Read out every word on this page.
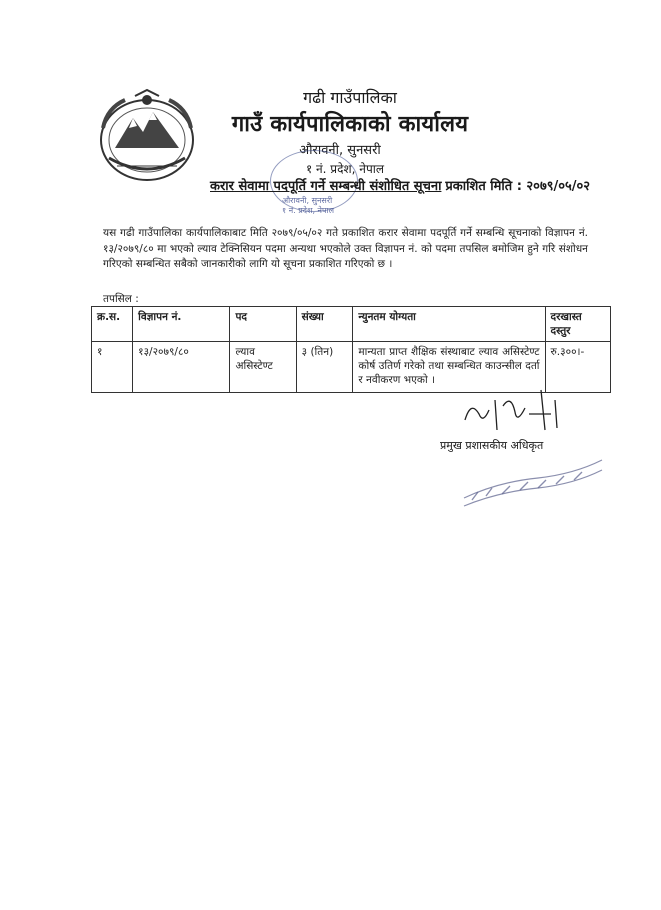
गढी गाउँपालिका
गाउँ कार्यपालिकाको कार्यालय
औरावनी, सुनसरी
१ नं. प्रदेश, नेपाल
औरावनी, सुनसरी
१ नं. प्रदेश, नेपाल
करार सेवामा पदपूर्ति गर्ने सम्बन्धी संशोधित सूचना प्रकाशित मिति : २०७९/०५/०२
यस गढी गाउँपालिका कार्यपालिकाबाट मिति २०७९/०५/०२ गते प्रकाशित करार सेवामा पदपूर्ति गर्ने सम्बन्धि सूचनाको विज्ञापन नं. १३/२०७९/८० मा भएको ल्याव टेक्निसियन पदमा अन्यथा भएकोले उक्त विज्ञापन नं. को पदमा तपसिल बमोजिम हुने गरि संशोधन गरिएको सम्बन्धित सबैको जानकारीको लागि यो सूचना प्रकाशित गरिएको छ ।
तपसिल :
क्र.स.	विज्ञापन नं.	पद	संख्या	न्युनतम योग्यता	दरखास्त दस्तुर
१	१३/२०७९/८०	ल्याव असिस्टेण्ट	३ (तिन)	मान्यता प्राप्त शैक्षिक संस्थाबाट ल्याव असिस्टेण्ट कोर्ष उतिर्ण गरेको तथा सम्बन्धित काउन्सील दर्ता र नवीकरण भएको ।	रु.३००।-
प्रमुख प्रशासकीय अधिकृत
